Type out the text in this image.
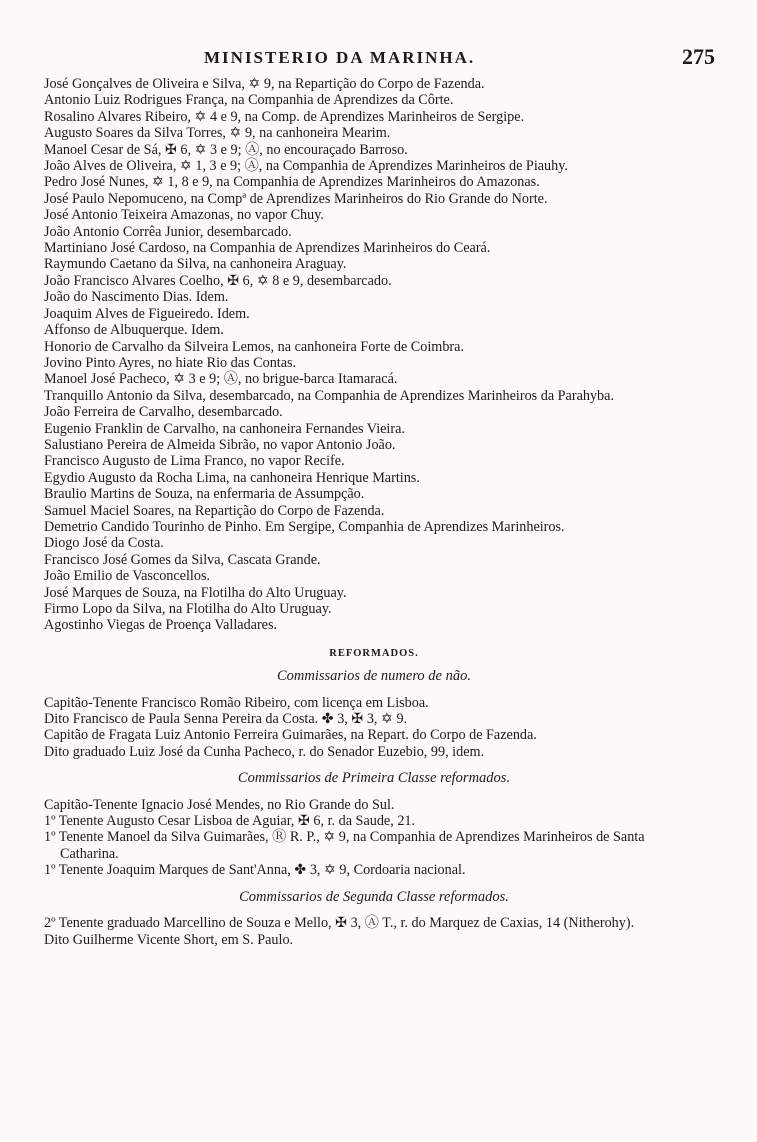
MINISTERIO DA MARINHA.	275

José Gonçalves de Oliveira e Silva, ✡ 9, na Repartição do Corpo de Fazenda.

Antonio Luiz Rodrigues França, na Companhia de Aprendizes da Côrte.

Rosalino Alvares Ribeiro, ✡ 4 e 9, na Comp. de Aprendizes Marinheiros de Sergipe.

Augusto Soares da Silva Torres, ✡ 9, na canhoneira Mearim.

Manoel Cesar de Sá, ✠ 6, ✡ 3 e 9; Ⓐ, no encouraçado Barroso.

João Alves de Oliveira, ✡ 1, 3 e 9; Ⓐ, na Companhia de Aprendizes Marinheiros de Piauhy.

Pedro José Nunes, ✡ 1, 8 e 9, na Companhia de Aprendizes Marinheiros do Amazonas.

José Paulo Nepomuceno, na Compª de Aprendizes Marinheiros do Rio Grande do Norte.

José Antonio Teixeira Amazonas, no vapor Chuy.

João Antonio Corrêa Junior, desembarcado.

Martiniano José Cardoso, na Companhia de Aprendizes Marinheiros do Ceará.

Raymundo Caetano da Silva, na canhoneira Araguay.

João Francisco Alvares Coelho, ✠ 6, ✡ 8 e 9, desembarcado.

João do Nascimento Dias. Idem.

Joaquim Alves de Figueiredo. Idem.

Affonso de Albuquerque. Idem.

Honorio de Carvalho da Silveira Lemos, na canhoneira Forte de Coimbra.

Jovino Pinto Ayres, no hiate Rio das Contas.

Manoel José Pacheco, ✡ 3 e 9; Ⓐ, no brigue-barca Itamaracá.

Tranquillo Antonio da Silva, desembarcado, na Companhia de Aprendizes Marinheiros da Parahyba.

João Ferreira de Carvalho, desembarcado.

Eugenio Franklin de Carvalho, na canhoneira Fernandes Vieira.

Salustiano Pereira de Almeida Sibrão, no vapor Antonio João.

Francisco Augusto de Lima Franco, no vapor Recife.

Egydio Augusto da Rocha Lima, na canhoneira Henrique Martins.

Braulio Martins de Souza, na enfermaria de Assumpção.

Samuel Maciel Soares, na Repartição do Corpo de Fazenda.

Demetrio Candido Tourinho de Pinho. Em Sergipe, Companhia de Aprendizes Marinheiros.

Diogo José da Costa.

Francisco José Gomes da Silva, Cascata Grande.

João Emilio de Vasconcellos.

José Marques de Souza, na Flotilha do Alto Uruguay.

Firmo Lopo da Silva, na Flotilha do Alto Uruguay.

Agostinho Viegas de Proença Valladares.

REFORMADOS.
Commissarios de numero de não.

Capitão-Tenente Francisco Romão Ribeiro, com licença em Lisboa.

Dito Francisco de Paula Senna Pereira da Costa. ✤ 3, ✠ 3, ✡ 9.

Capitão de Fragata Luiz Antonio Ferreira Guimarães, na Repart. do Corpo de Fazenda.

Dito graduado Luiz José da Cunha Pacheco, r. do Senador Euzebio, 99, idem.

Commissarios de Primeira Classe reformados.

Capitão-Tenente Ignacio José Mendes, no Rio Grande do Sul.

1º Tenente Augusto Cesar Lisboa de Aguiar, ✠ 6, r. da Saude, 21.

1º Tenente Manoel da Silva Guimarães, Ⓡ R. P., ✡ 9, na Companhia de Aprendizes Marinheiros de Santa Catharina.

1º Tenente Joaquim Marques de Sant'Anna, ✤ 3, ✡ 9, Cordoaria nacional.

Commissarios de Segunda Classe reformados.

2º Tenente graduado Marcellino de Souza e Mello, ✠ 3, Ⓐ T., r. do Marquez de Caxias, 14 (Nitherohy).

Dito Guilherme Vicente Short, em S. Paulo.
